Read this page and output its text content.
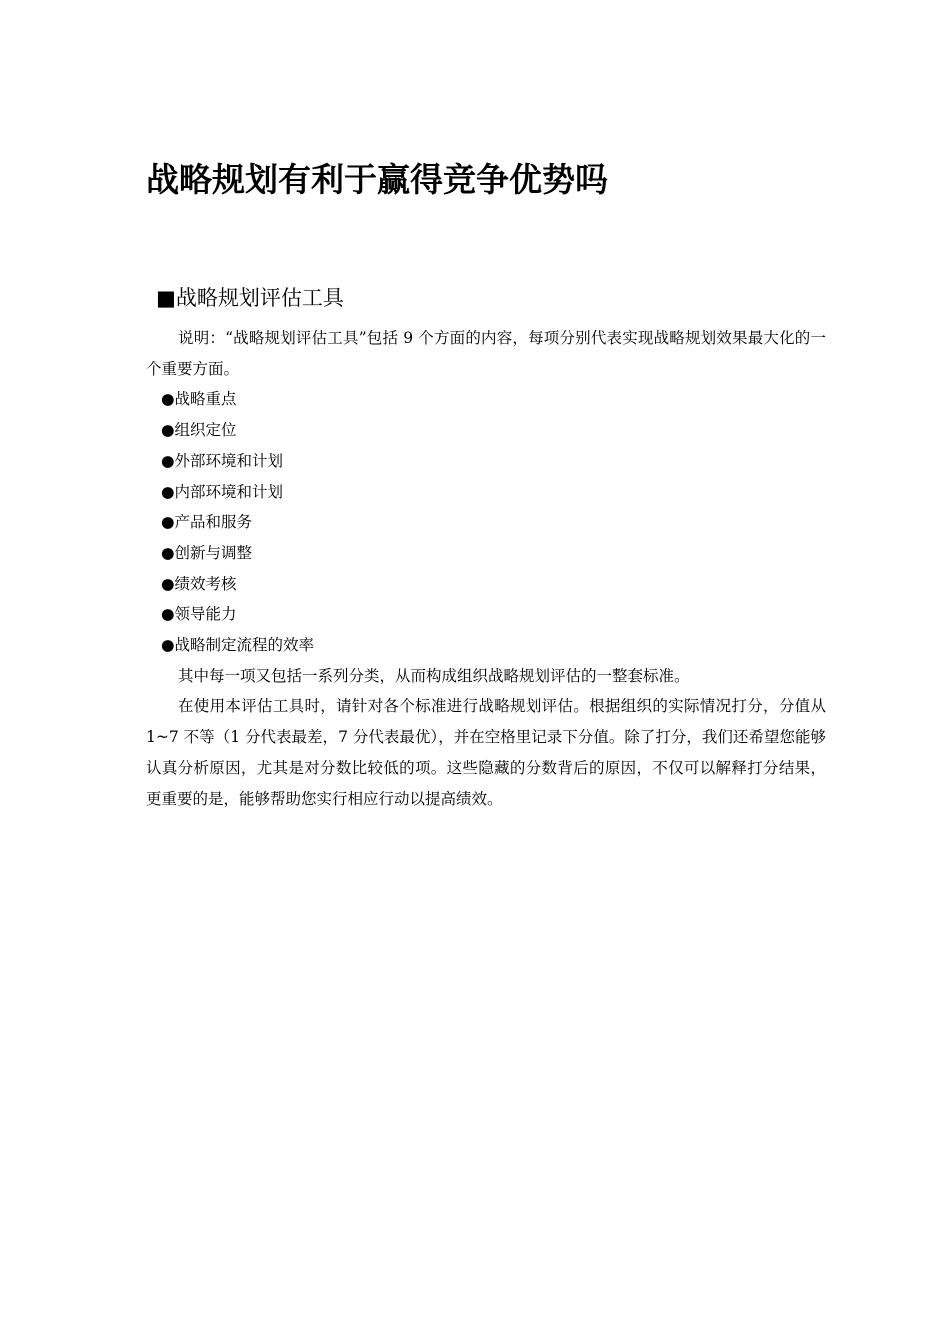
战略规划有利于赢得竞争优势吗
■战略规划评估工具

说明：“战略规划评估工具”包括 9 个方面的内容，每项分别代表实现战略规划效果最大化的一个重要方面。

●战略重点
●组织定位
●外部环境和计划
●内部环境和计划
●产品和服务
●创新与调整
●绩效考核
●领导能力
●战略制定流程的效率

其中每一项又包括一系列分类，从而构成组织战略规划评估的一整套标准。

在使用本评估工具时，请针对各个标准进行战略规划评估。根据组织的实际情况打分，分值从 1~7 不等（1 分代表最差，7 分代表最优），并在空格里记录下分值。除了打分，我们还希望您能够认真分析原因，尤其是对分数比较低的项。这些隐藏的分数背后的原因，不仅可以解释打分结果，更重要的是，能够帮助您实行相应行动以提高绩效。
